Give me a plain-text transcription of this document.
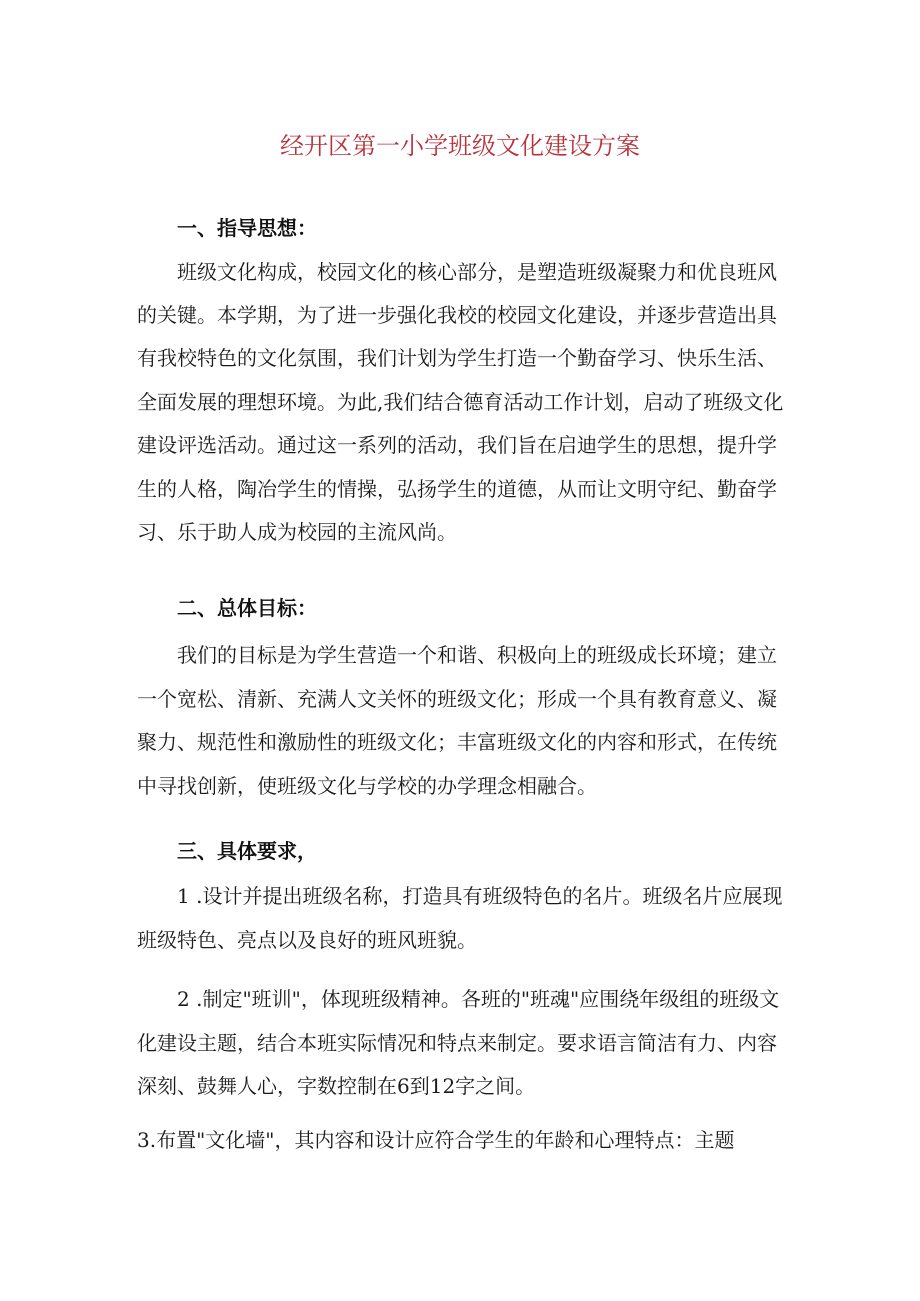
经开区第一小学班级文化建设方案
一、指导思想：
班级文化构成，校园文化的核心部分，是塑造班级凝聚力和优良班风
的关键。本学期，为了进一步强化我校的校园文化建设，并逐步营造出具
有我校特色的文化氛围，我们计划为学生打造一个勤奋学习、快乐生活、
全面发展的理想环境。为此,我们结合德育活动工作计划，启动了班级文化
建设评选活动。通过这一系列的活动，我们旨在启迪学生的思想，提升学
生的人格，陶冶学生的情操，弘扬学生的道德，从而让文明守纪、勤奋学
习、乐于助人成为校园的主流风尚。
二、总体目标：
我们的目标是为学生营造一个和谐、积极向上的班级成长环境；建立
一个宽松、清新、充满人文关怀的班级文化；形成一个具有教育意义、凝
聚力、规范性和激励性的班级文化；丰富班级文化的内容和形式，在传统
中寻找创新，使班级文化与学校的办学理念相融合。
三、具体要求，
1 .设计并提出班级名称，打造具有班级特色的名片。班级名片应展现
班级特色、亮点以及良好的班风班貌。
2 .制定"班训"，体现班级精神。各班的"班魂"应围绕年级组的班级文
化建设主题，结合本班实际情况和特点来制定。要求语言简洁有力、内容
深刻、鼓舞人心，字数控制在6到12字之间。
3.布置"文化墙"，其内容和设计应符合学生的年龄和心理特点：主题
